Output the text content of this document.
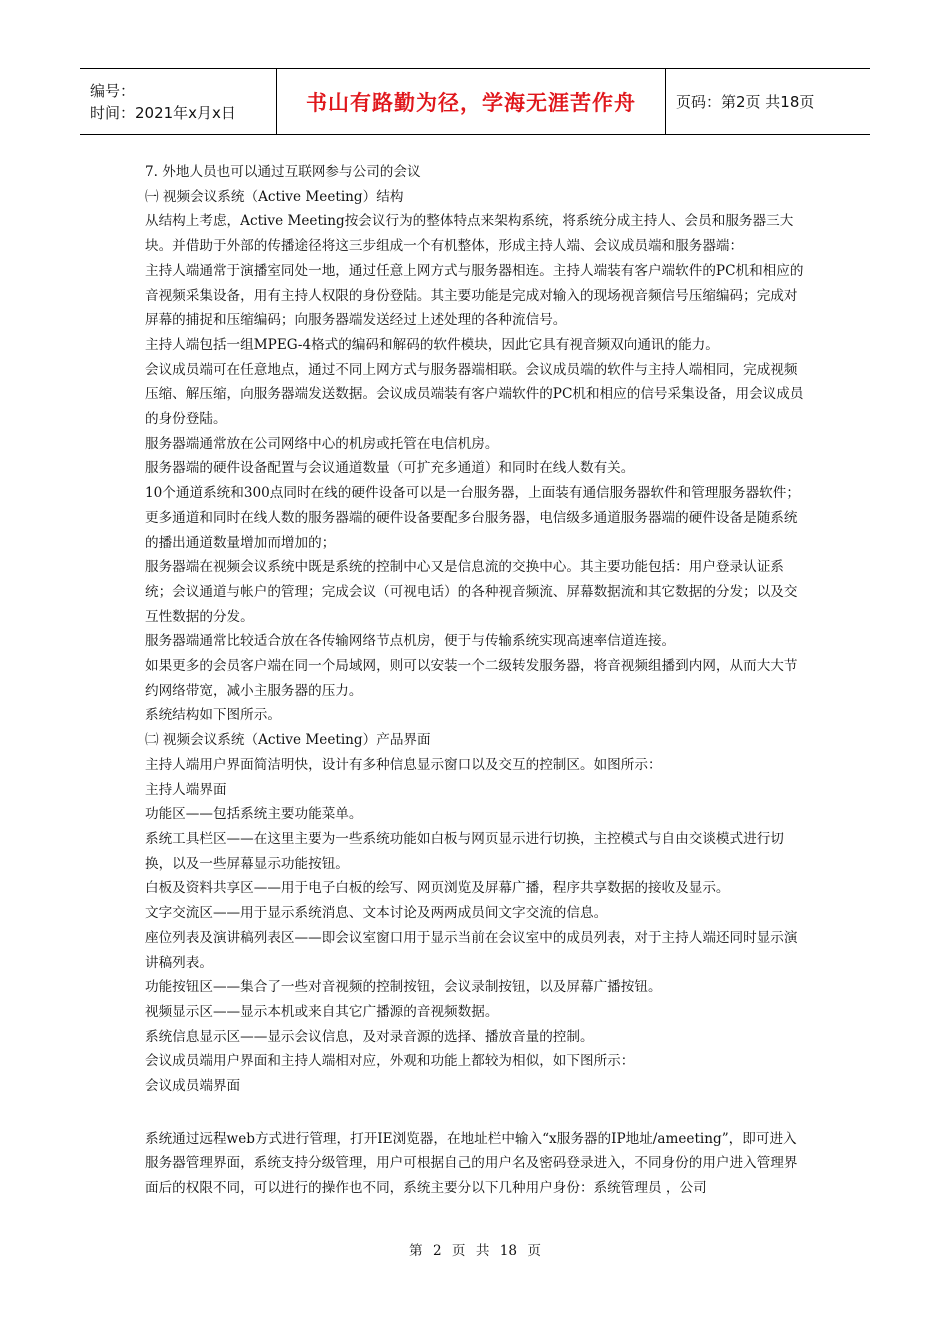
编号：
时间：2021年x月x日	书山有路勤为径，学海无涯苦作舟	页码：第2页 共18页

7. 外地人员也可以通过互联网参与公司的会议

㈠ 视频会议系统（Active Meeting）结构

从结构上考虑，Active Meeting按会议行为的整体特点来架构系统，将系统分成主持人、会员和服务器三大块。并借助于外部的传播途径将这三步组成一个有机整体，形成主持人端、会议成员端和服务器端：

主持人端通常于演播室同处一地，通过任意上网方式与服务器相连。主持人端装有客户端软件的PC机和相应的音视频采集设备，用有主持人权限的身份登陆。其主要功能是完成对输入的现场视音频信号压缩编码；完成对屏幕的捕捉和压缩编码；向服务器端发送经过上述处理的各种流信号。

主持人端包括一组MPEG-4格式的编码和解码的软件模块，因此它具有视音频双向通讯的能力。

会议成员端可在任意地点，通过不同上网方式与服务器端相联。会议成员端的软件与主持人端相同，完成视频压缩、解压缩，向服务器端发送数据。会议成员端装有客户端软件的PC机和相应的信号采集设备，用会议成员的身份登陆。

服务器端通常放在公司网络中心的机房或托管在电信机房。

服务器端的硬件设备配置与会议通道数量（可扩充多通道）和同时在线人数有关。

10个通道系统和300点同时在线的硬件设备可以是一台服务器，上面装有通信服务器软件和管理服务器软件；

更多通道和同时在线人数的服务器端的硬件设备要配多台服务器，电信级多通道服务器端的硬件设备是随系统的播出通道数量增加而增加的；

服务器端在视频会议系统中既是系统的控制中心又是信息流的交换中心。其主要功能包括：用户登录认证系统；会议通道与帐户的管理；完成会议（可视电话）的各种视音频流、屏幕数据流和其它数据的分发；以及交互性数据的分发。

服务器端通常比较适合放在各传输网络节点机房，便于与传输系统实现高速率信道连接。

如果更多的会员客户端在同一个局域网，则可以安装一个二级转发服务器，将音视频组播到内网，从而大大节约网络带宽，减小主服务器的压力。

系统结构如下图所示。

㈡ 视频会议系统（Active Meeting）产品界面

主持人端用户界面简洁明快，设计有多种信息显示窗口以及交互的控制区。如图所示：

主持人端界面

功能区——包括系统主要功能菜单。

系统工具栏区——在这里主要为一些系统功能如白板与网页显示进行切换，主控模式与自由交谈模式进行切换，以及一些屏幕显示功能按钮。

白板及资料共享区——用于电子白板的绘写、网页浏览及屏幕广播，程序共享数据的接收及显示。

文字交流区——用于显示系统消息、文本讨论及两两成员间文字交流的信息。

座位列表及演讲稿列表区——即会议室窗口用于显示当前在会议室中的成员列表，对于主持人端还同时显示演讲稿列表。

功能按钮区——集合了一些对音视频的控制按钮，会议录制按钮，以及屏幕广播按钮。

视频显示区——显示本机或来自其它广播源的音视频数据。

系统信息显示区——显示会议信息，及对录音源的选择、播放音量的控制。

会议成员端用户界面和主持人端相对应，外观和功能上都较为相似，如下图所示：

会议成员端界面

系统通过远程web方式进行管理，打开IE浏览器，在地址栏中输入“x服务器的IP地址/ameeting”，即可进入服务器管理界面，系统支持分级管理，用户可根据自己的用户名及密码登录进入，不同身份的用户进入管理界面后的权限不同，可以进行的操作也不同，系统主要分以下几种用户身份：系统管理员 ，公司

第 2 页 共 18 页
